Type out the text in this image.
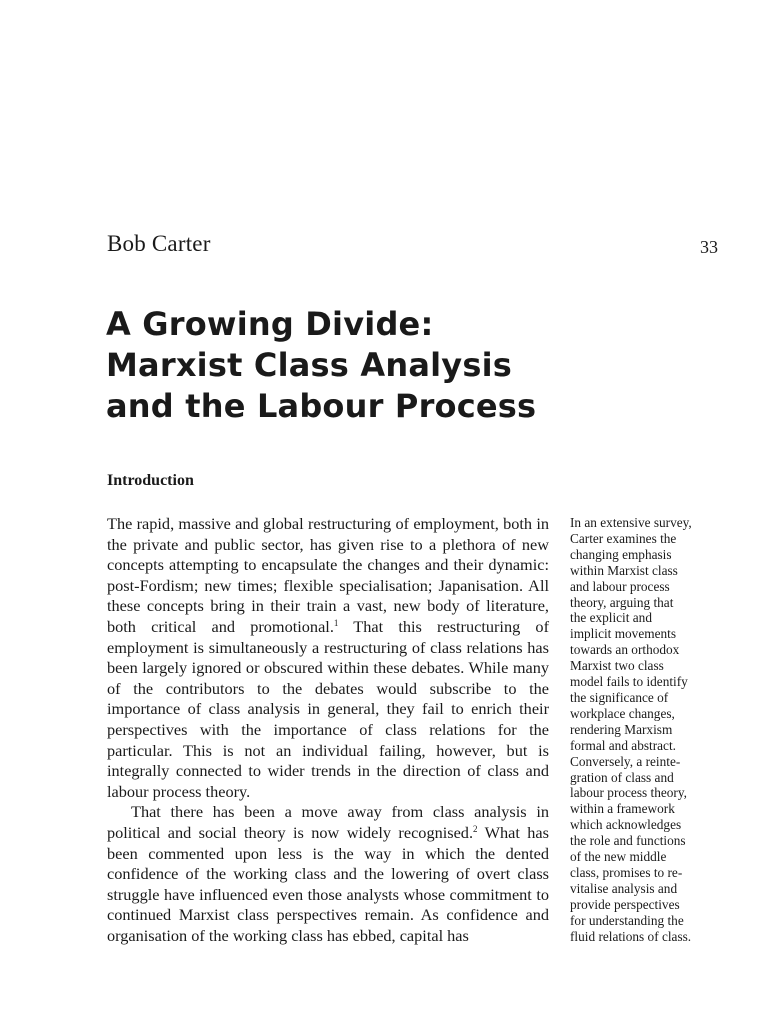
Bob Carter	33
A Growing Divide:
Marxist Class Analysis
and the Labour Process
Introduction

The rapid, massive and global restructuring of employment, both in the private and public sector, has given rise to a plethora of new concepts attempting to encapsulate the changes and their dynamic: post-Fordism; new times; flexible specialisation; Japanisation. All these concepts bring in their train a vast, new body of literature, both critical and promotional.$^1$ That this restructuring of employment is simultaneously a restructuring of class relations has been largely ignored or obscured within these debates. While many of the contributors to the debates would subscribe to the importance of class analysis in general, they fail to enrich their perspectives with the importance of class relations for the particular. This is not an individual failing, however, but is integrally connected to wider trends in the direction of class and labour process theory.

That there has been a move away from class analysis in political and social theory is now widely recognised.$^2$ What has been commented upon less is the way in which the dented confidence of the working class and the lowering of overt class struggle have influenced even those analysts whose commitment to continued Marxist class perspectives remain. As confidence and organisation of the working class has ebbed, capital has

In an extensive survey,
Carter examines the
changing emphasis
within Marxist class
and labour process
theory, arguing that
the explicit and
implicit movements
towards an orthodox
Marxist two class
model fails to identify
the significance of
workplace changes,
rendering Marxism
formal and abstract.
Conversely, a reinte-
gration of class and
labour process theory,
within a framework
which acknowledges
the role and functions
of the new middle
class, promises to re-
vitalise analysis and
provide perspectives
for understanding the
fluid relations of class.
